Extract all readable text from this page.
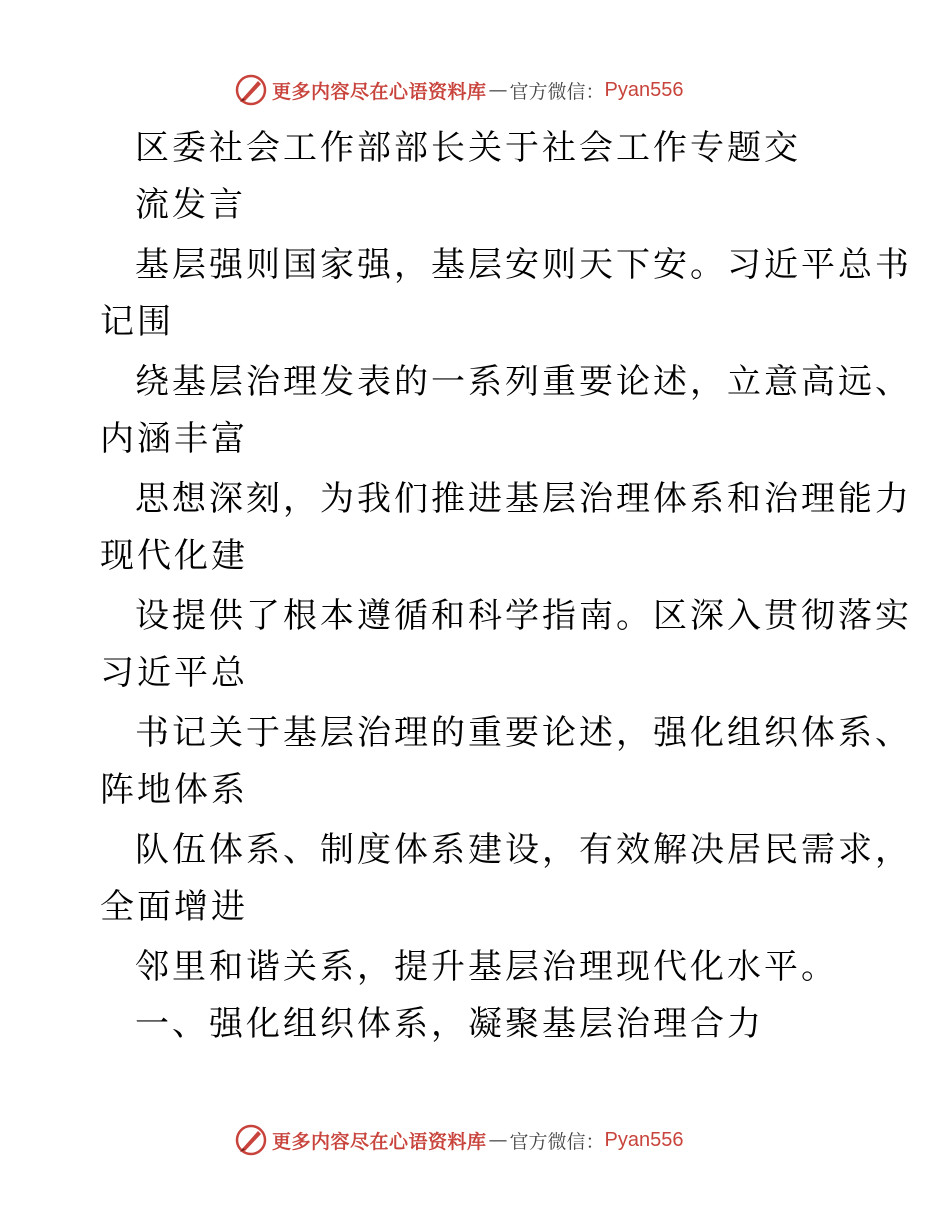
更多内容尽在心语资料库 — 官方微信： Pyan556
区委社会工作部部长关于社会工作专题交
流发言
基层强则国家强，基层安则天下安。习近平总书
记围
绕基层治理发表的一系列重要论述，立意高远、
内涵丰富
思想深刻，为我们推进基层治理体系和治理能力
现代化建
设提供了根本遵循和科学指南。区深入贯彻落实
习近平总
书记关于基层治理的重要论述，强化组织体系、
阵地体系
队伍体系、制度体系建设，有效解决居民需求，
全面增进
邻里和谐关系，提升基层治理现代化水平。
一、强化组织体系，凝聚基层治理合力
更多内容尽在心语资料库 — 官方微信： Pyan556
